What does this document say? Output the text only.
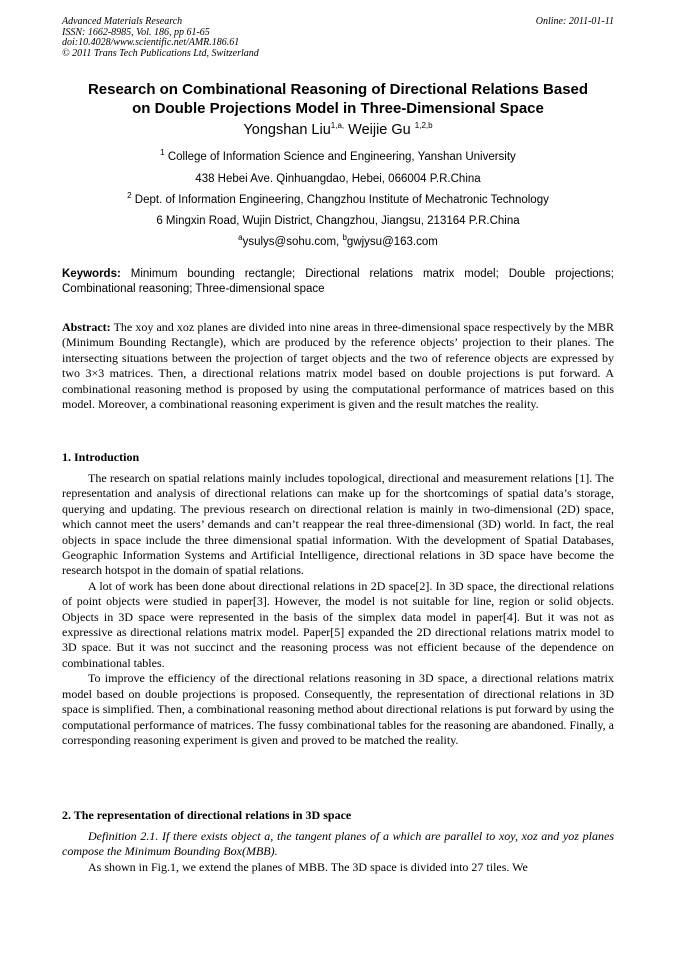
Advanced Materials Research
ISSN: 1662-8985, Vol. 186, pp 61-65
doi:10.4028/www.scientific.net/AMR.186.61
© 2011 Trans Tech Publications Ltd, Switzerland
Online: 2011-01-11
Research on Combinational Reasoning of Directional Relations Based
on Double Projections Model in Three-Dimensional Space
Yongshan Liu$^{1,a,}$ Weijie Gu $^{1,2,b}$
$^1$ College of Information Science and Engineering, Yanshan University
438 Hebei Ave. Qinhuangdao, Hebei, 066004 P.R.China
$^2$ Dept. of Information Engineering, Changzhou Institute of Mechatronic Technology
6 Mingxin Road, Wujin District, Changzhou, Jiangsu, 213164 P.R.China
$^a$ysulys@sohu.com, $^b$gwjysu@163.com
Keywords: Minimum bounding rectangle; Directional relations matrix model; Double projections; Combinational reasoning; Three-dimensional space
Abstract: The xoy and xoz planes are divided into nine areas in three-dimensional space respectively by the MBR (Minimum Bounding Rectangle), which are produced by the reference objects’ projection to their planes. The intersecting situations between the projection of target objects and the two of reference objects are expressed by two 3×3 matrices. Then, a directional relations matrix model based on double projections is put forward. A combinational reasoning method is proposed by using the computational performance of matrices based on this model. Moreover, a combinational reasoning experiment is given and the result matches the reality.
1. Introduction

The research on spatial relations mainly includes topological, directional and measurement relations [1]. The representation and analysis of directional relations can make up for the shortcomings of spatial data’s storage, querying and updating. The previous research on directional relation is mainly in two-dimensional (2D) space, which cannot meet the users’ demands and can’t reappear the real three-dimensional (3D) world. In fact, the real objects in space include the three dimensional spatial information. With the development of Spatial Databases, Geographic Information Systems and Artificial Intelligence, directional relations in 3D space have become the research hotspot in the domain of spatial relations.

A lot of work has been done about directional relations in 2D space[2]. In 3D space, the directional relations of point objects were studied in paper[3]. However, the model is not suitable for line, region or solid objects. Objects in 3D space were represented in the basis of the simplex data model in paper[4]. But it was not as expressive as directional relations matrix model. Paper[5] expanded the 2D directional relations matrix model to 3D space. But it was not succinct and the reasoning process was not efficient because of the dependence on combinational tables.

To improve the efficiency of the directional relations reasoning in 3D space, a directional relations matrix model based on double projections is proposed. Consequently, the representation of directional relations in 3D space is simplified. Then, a combinational reasoning method about directional relations is put forward by using the computational performance of matrices. The fussy combinational tables for the reasoning are abandoned. Finally, a corresponding reasoning experiment is given and proved to be matched the reality.

2. The representation of directional relations in 3D space

Definition 2.1. If there exists object a, the tangent planes of a which are parallel to xoy, xoz and yoz planes compose the Minimum Bounding Box(MBB).

As shown in Fig.1, we extend the planes of MBB. The 3D space is divided into 27 tiles. We
